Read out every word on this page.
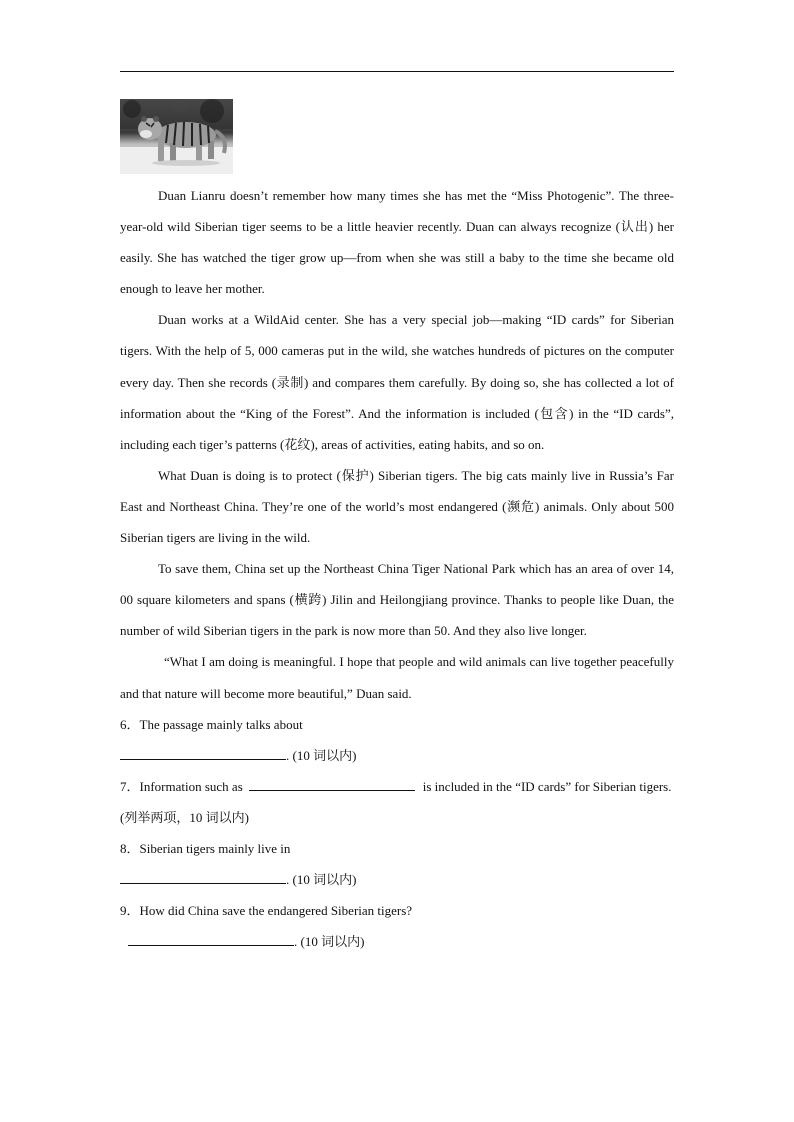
Duan Lianru doesn’t remember how many times she has met the “Miss Photogenic”. The three-year-old wild Siberian tiger seems to be a little heavier recently. Duan can always recognize (认出) her easily. She has watched the tiger grow up—from when she was still a baby to the time she became old enough to leave her mother.

Duan works at a WildAid center. She has a very special job—making “ID cards” for Siberian tigers. With the help of 5, 000 cameras put in the wild, she watches hundreds of pictures on the computer every day. Then she records (录制) and compares them carefully. By doing so, she has collected a lot of information about the “King of the Forest”. And the information is included (包含) in the “ID cards”, including each tiger’s patterns (花纹), areas of activities, eating habits, and so on.

What Duan is doing is to protect (保护) Siberian tigers. The big cats mainly live in Russia’s Far East and Northeast China. They’re one of the world’s most endangered (濒危) animals. Only about 500 Siberian tigers are living in the wild.

To save them, China set up the Northeast China Tiger National Park which has an area of over 14, 00 square kilometers and spans (横跨) Jilin and Heilongjiang province. Thanks to people like Duan, the number of wild Siberian tigers in the park is now more than 50. And they also live longer.

“What I am doing is meaningful. I hope that people and wild animals can live together peacefully and that nature will become more beautiful,” Duan said.

6．The passage mainly talks about
. (10 词以内)

7．Information such as	is included in the “ID cards” for Siberian tigers. (列举两项，10 词以内)

8．Siberian tigers mainly live in
. (10 词以内)

9．How did China save the endangered Siberian tigers?
. (10 词以内)
